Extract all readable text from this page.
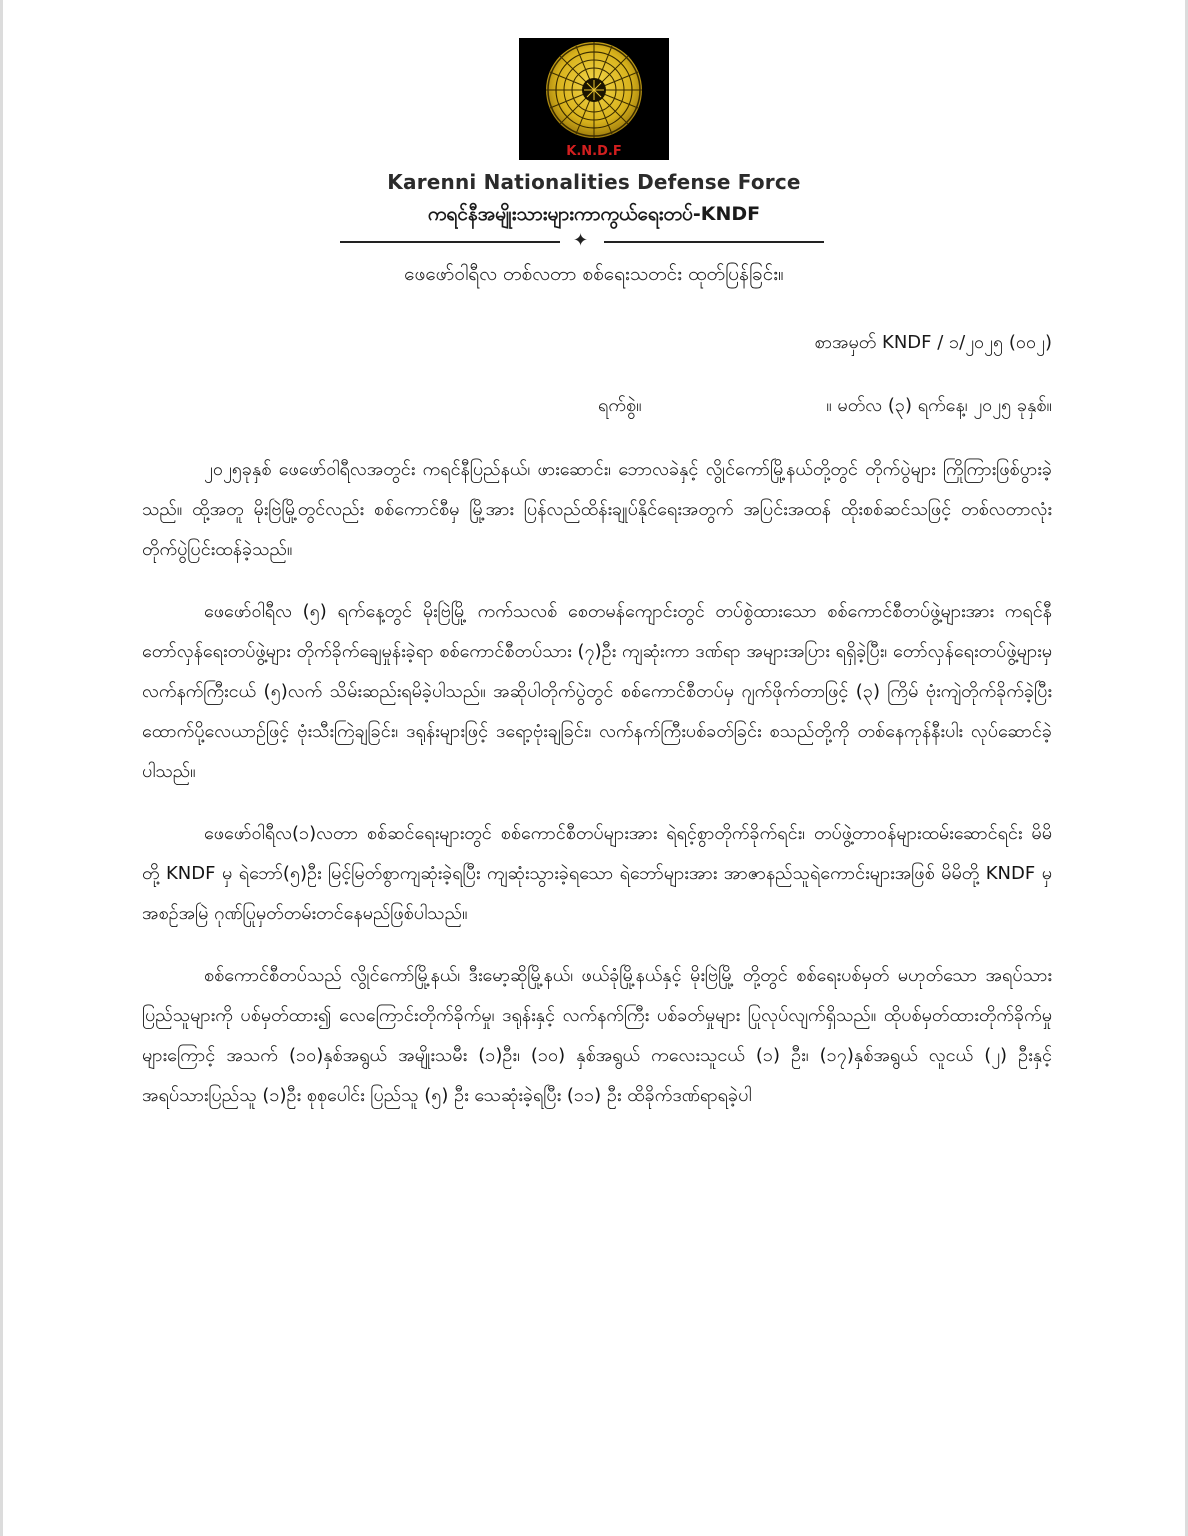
K.N.D.F
Karenni Nationalities Defense Force
ကရင်နီအမျိုးသားများကာကွယ်ရေးတပ်-KNDF
✦
ဖေဖော်ဝါရီလ တစ်လတာ စစ်ရေးသတင်း ထုတ်ပြန်ခြင်း။
စာအမှတ် KNDF / ၁/၂၀၂၅ (၀၀၂)
ရက်စွဲ။	။ မတ်လ (၃) ရက်နေ့၊ ၂၀၂၅ ခုနှစ်။

၂၀၂၅ခုနှစ် ဖေဖော်ဝါရီလအတွင်း ကရင်နီပြည်နယ်၊ ဖားဆောင်း၊ ဘောလခဲနှင့် လွိုင်ကော်မြို့နယ်တို့တွင် တိုက်ပွဲများ ကြိုကြားဖြစ်ပွားခဲ့သည်။ ထို့အတူ မိုးဗြဲမြို့တွင်လည်း စစ်ကောင်စီမှ မြို့အား ပြန်လည်ထိန်းချုပ်နိုင်ရေးအတွက် အပြင်းအထန် ထိုးစစ်ဆင်သဖြင့် တစ်လတာလုံး တိုက်ပွဲပြင်းထန်ခဲ့သည်။

ဖေဖော်ဝါရီလ (၅) ရက်နေ့တွင် မိုးဗြဲမြို့ ကက်သလစ် စေတမန်ကျောင်းတွင် တပ်စွဲထားသော စစ်ကောင်စီတပ်ဖွဲ့များအား ကရင်နီတော်လှန်ရေးတပ်ဖွဲ့များ တိုက်ခိုက်ချေမှုန်းခဲ့ရာ စစ်ကောင်စီတပ်သား (၇)ဦး ကျဆုံးကာ ဒဏ်ရာ အများအပြား ရရှိခဲ့ပြီး၊ တော်လှန်ရေးတပ်ဖွဲ့များမှ လက်နက်ကြီးငယ် (၅)လက် သိမ်းဆည်းရမိခဲ့ပါသည်။ အဆိုပါတိုက်ပွဲတွင် စစ်ကောင်စီတပ်မှ ဂျက်ဖိုက်တာဖြင့် (၃) ကြိမ် ဗုံးကျဲတိုက်ခိုက်ခဲ့ပြီး ထောက်ပို့လေယာဉ်ဖြင့် ဗုံးသီးကြဲချခြင်း၊ ဒရုန်းများဖြင့် ဒရော့ဗုံးချခြင်း၊ လက်နက်ကြီးပစ်ခတ်ခြင်း စသည်တို့ကို တစ်နေကုန်နီးပါး လုပ်ဆောင်ခဲ့ပါသည်။

ဖေဖော်ဝါရီလ(၁)လတာ စစ်ဆင်ရေးများတွင် စစ်ကောင်စီတပ်များအား ရဲရင့်စွာတိုက်ခိုက်ရင်း၊ တပ်ဖွဲ့တာဝန်များထမ်းဆောင်ရင်း မိမိတို့ KNDF မှ ရဲဘော်(၅)ဦး မြင့်မြတ်စွာကျဆုံးခဲ့ရပြီး ကျဆုံးသွားခဲ့ရသော ရဲဘော်များအား အာဇာနည်သူရဲကောင်းများအဖြစ် မိမိတို့ KNDF မှ အစဉ်အမြဲ ဂုဏ်ပြုမှတ်တမ်းတင်နေမည်ဖြစ်ပါသည်။

စစ်ကောင်စီတပ်သည် လွိုင်ကော်မြို့နယ်၊ ဒီးမော့ဆိုမြို့နယ်၊ ဖယ်ခုံမြို့နယ်နှင့် မိုးဗြဲမြို့ တို့တွင် စစ်ရေးပစ်မှတ် မဟုတ်သော အရပ်သားပြည်သူများကို ပစ်မှတ်ထား၍ လေကြောင်းတိုက်ခိုက်မှု၊ ဒရုန်းနှင့် လက်နက်ကြီး ပစ်ခတ်မှုများ ပြုလုပ်လျက်ရှိသည်။ ထိုပစ်မှတ်ထားတိုက်ခိုက်မှုများကြောင့် အသက် (၁၀)နှစ်အရွယ် အမျိုးသမီး (၁)ဦး၊ (၁၀) နှစ်အရွယ် ကလေးသူငယ် (၁) ဦး၊ (၁၇)နှစ်အရွယ် လူငယ် (၂) ဦးနှင့် အရပ်သားပြည်သူ (၁)ဦး စုစုပေါင်း ပြည်သူ (၅) ဦး သေဆုံးခဲ့ရပြီး (၁၁) ဦး ထိခိုက်ဒဏ်ရာရခဲ့ပါ
